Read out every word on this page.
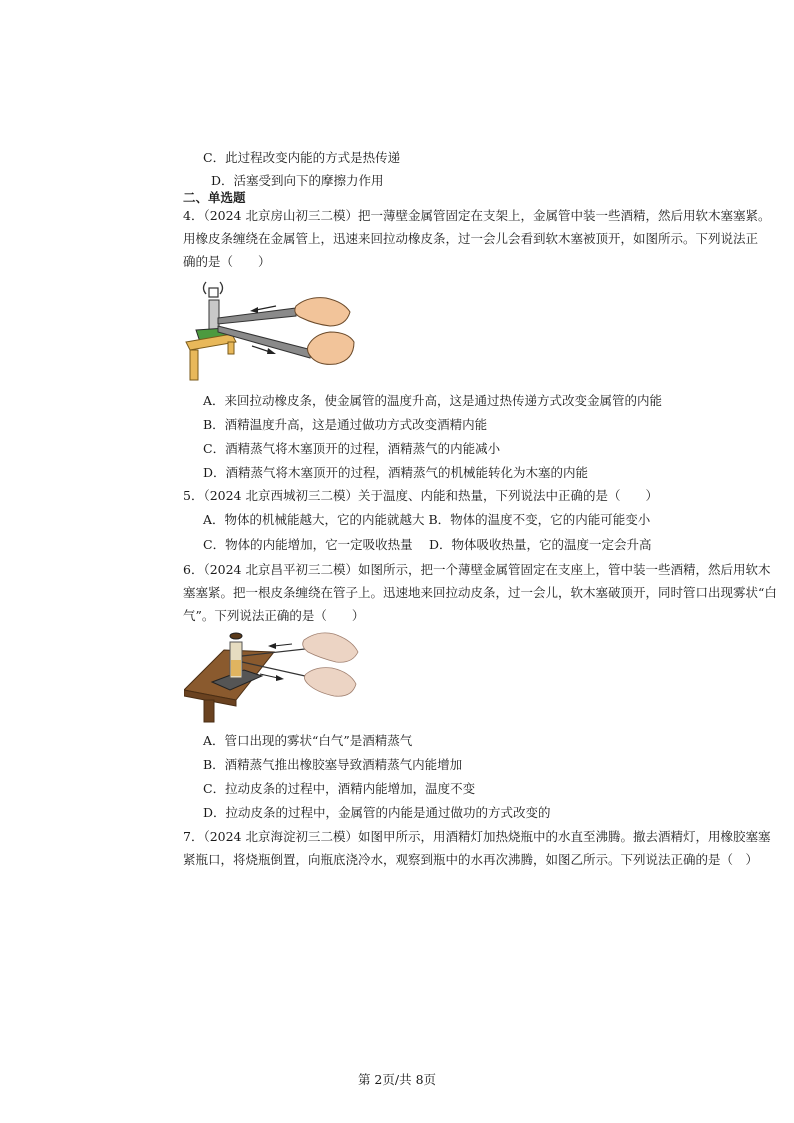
C．此过程改变内能的方式是热传递
D．活塞受到向下的摩擦力作用
二、单选题
4．（2024 北京房山初三二模）把一薄壁金属管固定在支架上，金属管中装一些酒精，然后用软木塞塞紧。
用橡皮条缠绕在金属管上，迅速来回拉动橡皮条，过一会儿会看到软木塞被顶开，如图所示。下列说法正
确的是（　　）
A．来回拉动橡皮条，使金属管的温度升高，这是通过热传递方式改变金属管的内能
B．酒精温度升高，这是通过做功方式改变酒精内能
C．酒精蒸气将木塞顶开的过程，酒精蒸气的内能减小
D．酒精蒸气将木塞顶开的过程，酒精蒸气的机械能转化为木塞的内能
5．（2024 北京西城初三二模）关于温度、内能和热量，下列说法中正确的是（　　）
A．物体的机械能越大，它的内能就越大 B．物体的温度不变，它的内能可能变小
C．物体的内能增加，它一定吸收热量　 D．物体吸收热量，它的温度一定会升高
6．（2024 北京昌平初三二模）如图所示，把一个薄壁金属管固定在支座上，管中装一些酒精，然后用软木
塞塞紧。把一根皮条缠绕在管子上。迅速地来回拉动皮条，过一会儿，软木塞破顶开，同时管口出现雾状“白
气”。下列说法正确的是（　　）
A．管口出现的雾状“白气”是酒精蒸气
B．酒精蒸气推出橡胶塞导致酒精蒸气内能增加
C．拉动皮条的过程中，酒精内能增加，温度不变
D．拉动皮条的过程中，金属管的内能是通过做功的方式改变的
7．（2024 北京海淀初三二模）如图甲所示，用酒精灯加热烧瓶中的水直至沸腾。撤去酒精灯，用橡胶塞塞
紧瓶口，将烧瓶倒置，向瓶底浇冷水，观察到瓶中的水再次沸腾，如图乙所示。下列说法正确的是（　）
第 2页/共 8页
